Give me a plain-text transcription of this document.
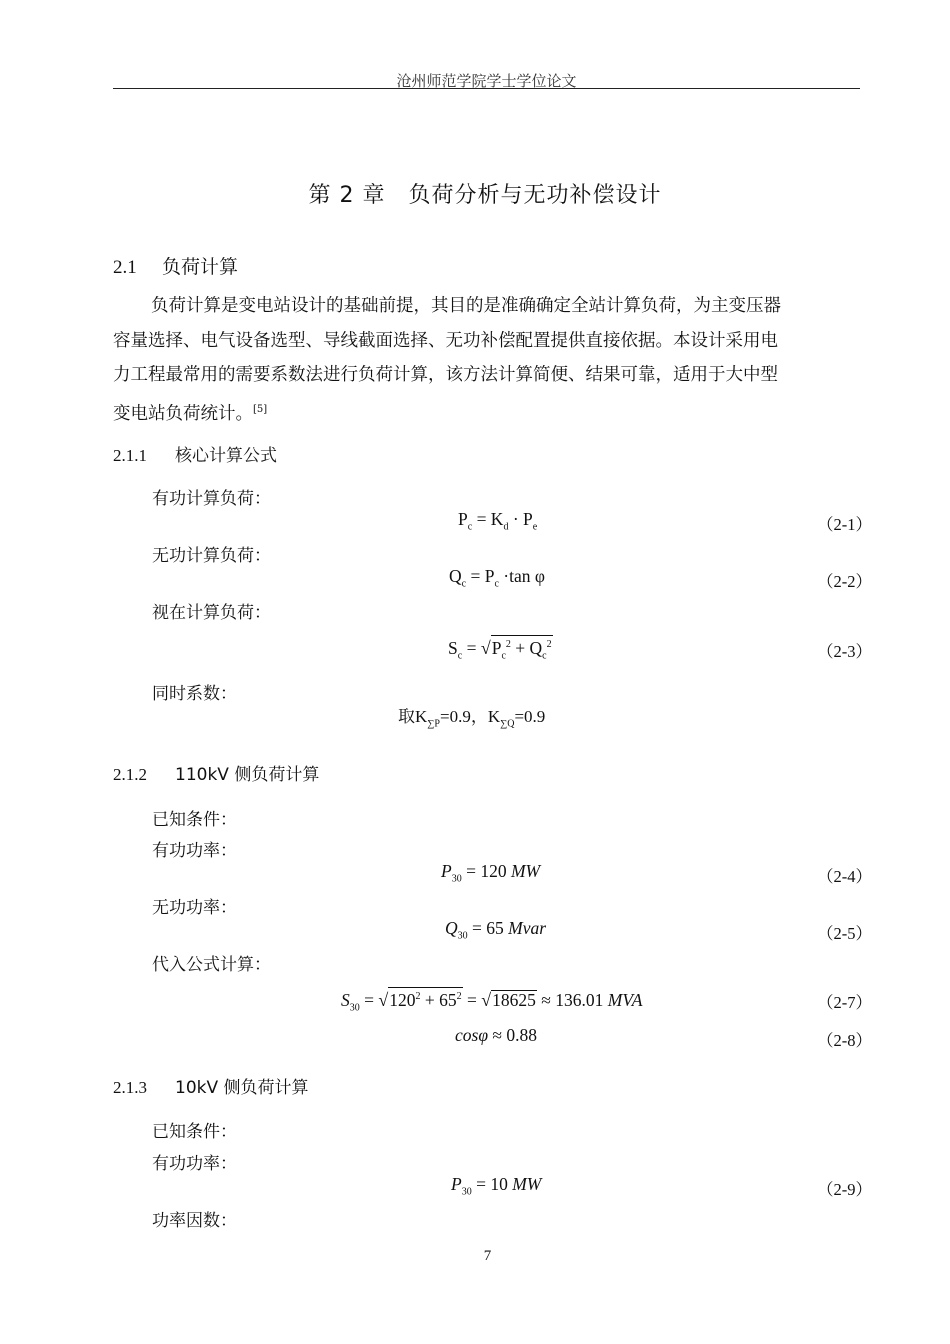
沧州师范学院学士学位论文
第 2 章　负荷分析与无功补偿设计
2.1 负荷计算
负荷计算是变电站设计的基础前提，其目的是准确确定全站计算负荷，为主变压器
容量选择、电气设备选型、导线截面选择、无功补偿配置提供直接依据。本设计采用电
力工程最常用的需要系数法进行负荷计算，该方法计算简便、结果可靠，适用于大中型
变电站负荷统计。[5]
2.1.1 核心计算公式
有功计算负荷：
$P_c = K_d \cdot P_e$	（2-1）
无功计算负荷：
$Q_c = P_c \cdot\tan$ φ	（2-2）
视在计算负荷：
$S_c = √P_c^2 + Q_c^2$	（2-3）
同时系数：
取$K_{\sum P}=0.9$，$K_{\sum Q}=0.9$
2.1.2 110kV 侧负荷计算
已知条件：
有功功率：
$P_{30} = 120$ MW	（2-4）
无功功率：
$Q_{30} = 65$ Mvar	（2-5）
代入公式计算：
$S_{30} = √120^2 + 65^2 = √18625 \approx 136.01$ MVA	（2-7）
cosφ ≈ 0.88	（2-8）
2.1.3 10kV 侧负荷计算
已知条件：
有功功率：
$P_{30} = 10$ MW	（2-9）
功率因数：
7
